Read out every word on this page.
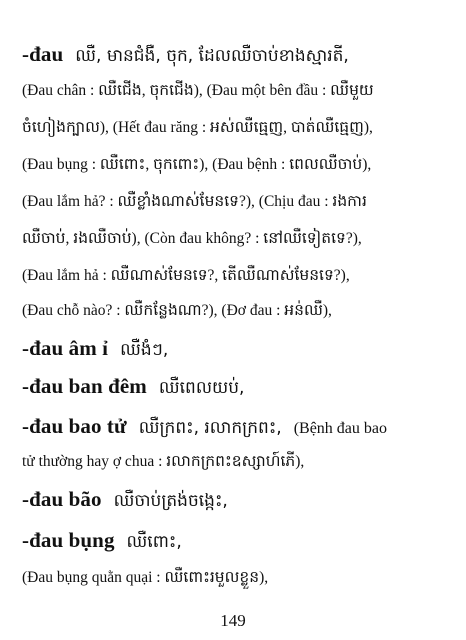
-đau ឈឺ, មានជំងឺ, ចុក, ដែលឈឺចាប់ខាងស្មារតី,
(Đau chân : ឈឺជើង, ចុកជើង), (Đau một bên đầu : ឈឺមួយ
ចំហៀងក្បាល), (Hết đau răng : អស់ឈឺធ្មេញ, បាត់ឈឺធ្មេញ),
(Đau bụng : ឈឺពោះ, ចុកពោះ), (Đau bệnh : ពេលឈឺចាប់),
(Đau lắm hả? : ឈឺខ្លាំងណាស់មែនទេ?), (Chịu đau : រងការ
ឈឺចាប់, រងឈឺចាប់), (Còn đau không? : នៅឈឺទៀតទេ?),
(Đau lắm hả : ឈឺណាស់មែនទេ?, តើឈឺណាស់មែនទេ?),
(Đau chỗ nào? : ឈឺកន្លែងណា?), (Đơ đau : អន់ឈឺ),
-đau âm ỉ ឈឺងំៗ,
-đau ban đêm ឈឺពេលយប់,
-đau bao tử ឈឺក្រពះ, រលាកក្រពះ, (Bệnh đau bao
tử thường hay ợ chua : រលាកក្រពះឧស្សាហ៍ភើ),
-đau bão ឈឺចាប់ត្រង់ចង្កេះ,
-đau bụng ឈឺពោះ,
(Đau bụng quằn quại : ឈឺពោះរមួលខ្លួន),
149
